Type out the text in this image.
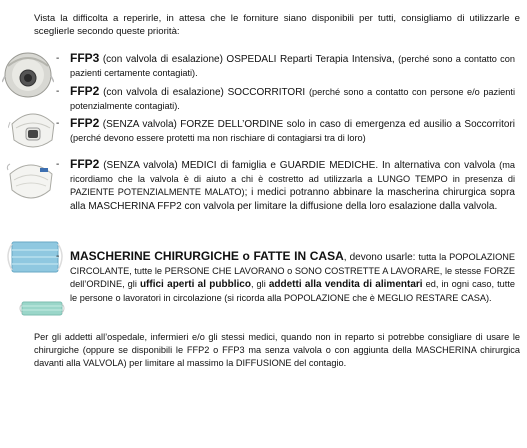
Vista la difficolta a reperirle, in attesa che le forniture siano disponibili per tutti, consigliamo di utilizzarle e sceglierle secondo queste priorità:
- FFP3 (con valvola di esalazione) OSPEDALI Reparti Terapia Intensiva, (perché sono a contatto con pazienti certamente contagiati).
- FFP2 (con valvola di esalazione) SOCCORRITORI (perché sono a contatto con persone e/o pazienti potenzialmente contagiati).
- FFP2 (SENZA valvola) FORZE DELL’ORDINE solo in caso di emergenza ed ausilio a Soccorritori (perché devono essere protetti ma non rischiare di contagiarsi tra di loro)
- FFP2 (SENZA valvola) MEDICI di famiglia e GUARDIE MEDICHE. In alternativa con valvola (ma ricordiamo che la valvola è di aiuto a chi è costretto ad utilizzarla a LUNGO TEMPO in presenza di PAZIENTE POTENZIALMENTE MALATO); i medici potranno abbinare la mascherina chirurgica sopra alla MASCHERINA FFP2 con valvola per limitare la diffusione della loro esalazione dalla valvola.
- MASCHERINE CHIRURGICHE o FATTE IN CASA, devono usarle: tutta la POPOLAZIONE CIRCOLANTE, tutte le PERSONE CHE LAVORANO o SONO COSTRETTE A LAVORARE, le stesse FORZE dell’ORDINE, gli uffici aperti al pubblico, gli addetti alla vendita di alimentari ed, in ogni caso, tutte le persone o lavoratori in circolazione (si ricorda alla POPOLAZIONE che è MEGLIO RESTARE CASA).
Per gli addetti all’ospedale, infermieri e/o gli stessi medici, quando non in reparto si potrebbe consigliare di usare le chirurgiche (oppure se disponibili le FFP2 o FFP3 ma senza valvola o con aggiunta della MASCHERINA chirurgica davanti alla VALVOLA) per limitare al massimo la DIFFUSIONE del contagio.
